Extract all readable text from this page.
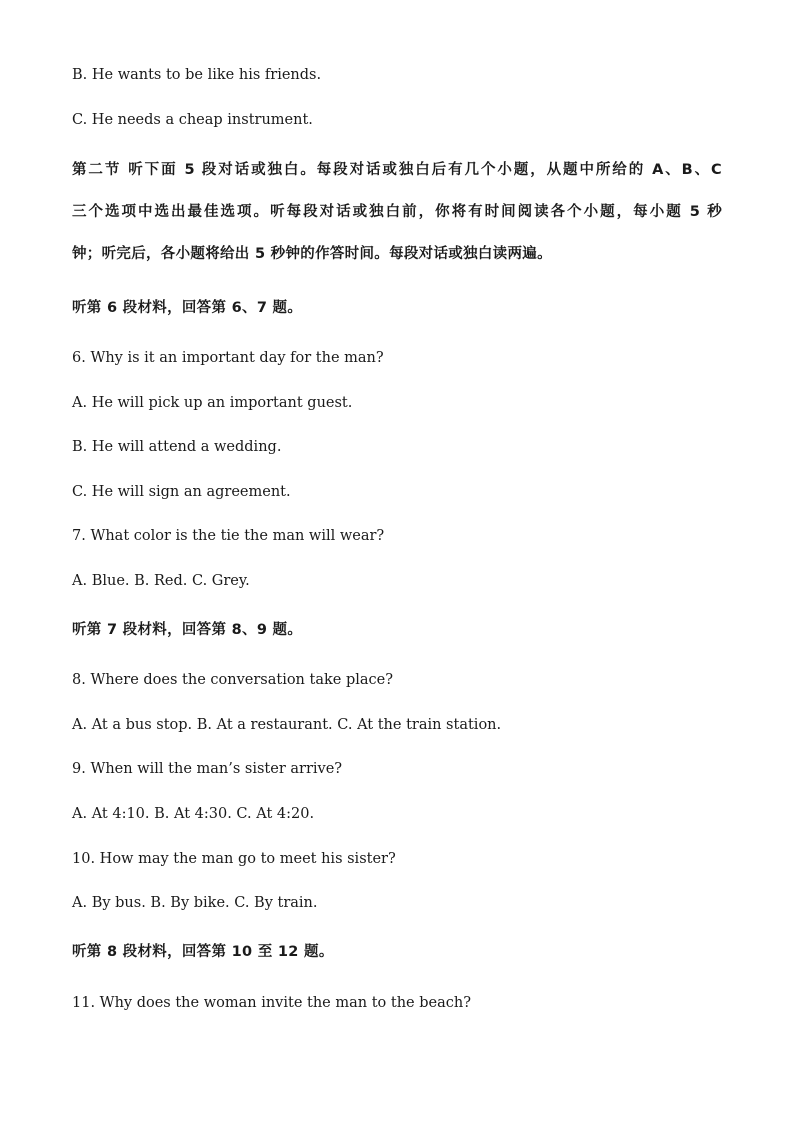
B. He wants to be like his friends.
C. He needs a cheap instrument.
第二节 听下面 5 段对话或独白。每段对话或独白后有几个小题，从题中所给的 A、B、C
三个选项中选出最佳选项。听每段对话或独白前，你将有时间阅读各个小题，每小题 5 秒
钟；听完后，各小题将给出 5 秒钟的作答时间。每段对话或独白读两遍。
听第 6 段材料，回答第 6、7 题。
6. Why is it an important day for the man?
A. He will pick up an important guest.
B. He will attend a wedding.
C. He will sign an agreement.
7. What color is the tie the man will wear?
A. Blue. B. Red. C. Grey.
听第 7 段材料，回答第 8、9 题。
8. Where does the conversation take place?
A. At a bus stop. B. At a restaurant. C. At the train station.
9. When will the man’s sister arrive?
A. At 4:10. B. At 4:30. C. At 4:20.
10. How may the man go to meet his sister?
A. By bus. B. By bike. C. By train.
听第 8 段材料，回答第 10 至 12 题。
11. Why does the woman invite the man to the beach?
